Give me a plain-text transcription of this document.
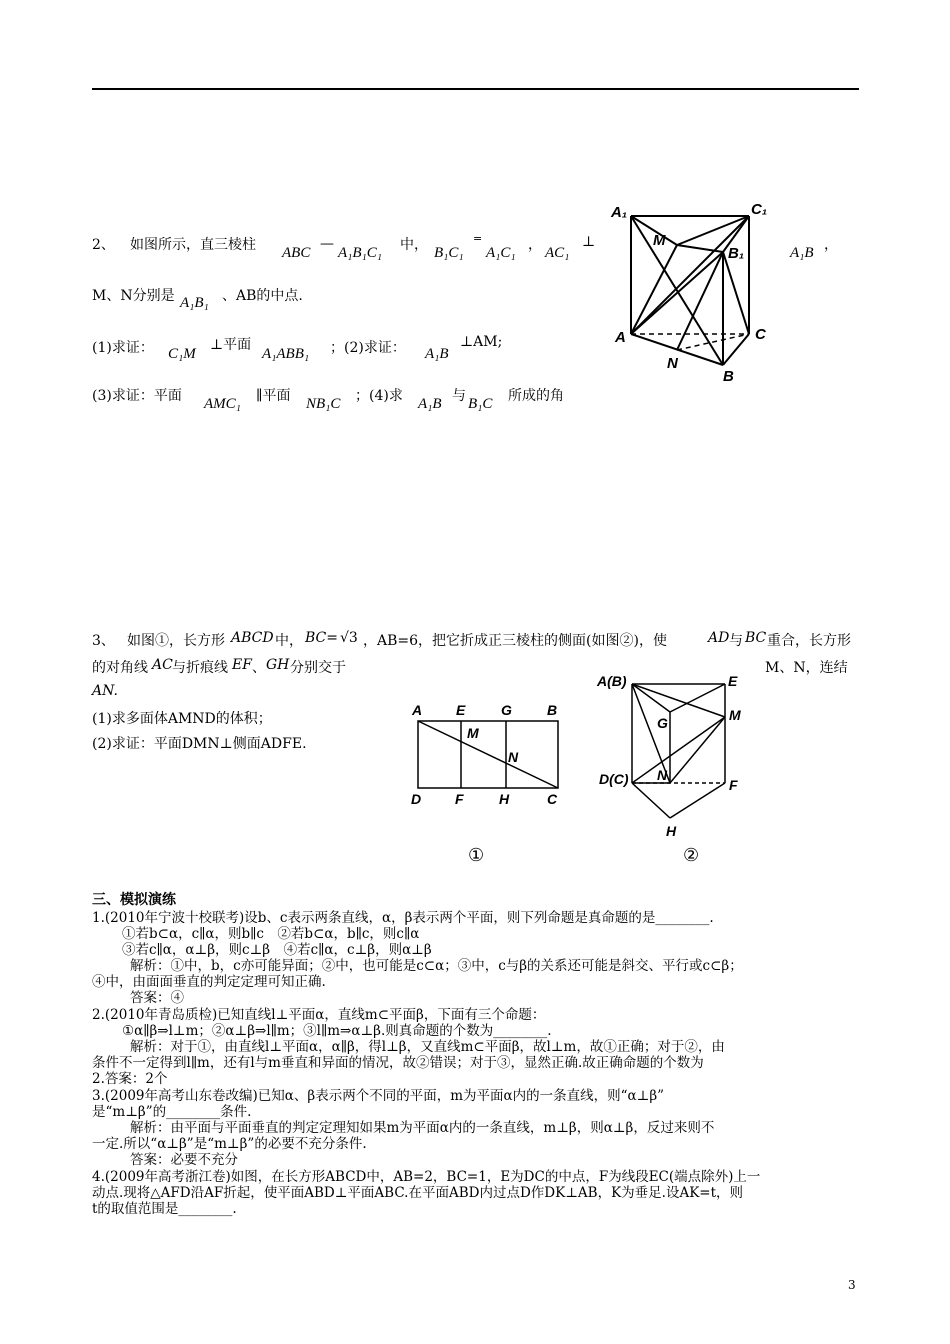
2、 如图所示，直三棱柱 ABC
—
A₁B₁C₁ 中， B₁C₁
=
A₁C₁ ， AC₁
⊥
A₁B ，
M、N分别是 A₁B₁ 、AB的中点.
(1)求证： C₁M
⊥平面
A₁ABB₁ ；(2)求证： A₁B
⊥AM;
(3)求证：平面 AMC₁ ∥平面 NB₁C ；(4)求 A₁B 与 B₁C 所成的角
A₁	C₁
M
B₁
A	C
N
B
3、 如图①，长方形 ABCD 中， BC= √3 ，AB=6，把它折成正三棱柱的侧面(如图②)，使	AD 与 BC 重合，长方形
的对角线 AC 与折痕线 EF 、 GH 分别交于	M、N，连结
AN.
(1)求多面体AMND的体积；
(2)求证：平面DMN⊥侧面ADFE.
A E	G	B
M
N
D F	H	C
A(B)	E
G	M
D(C) N
F
H
①	②
三、模拟演练
1.(2010年宁波十校联考)设b、c表示两条直线，α，β表示两个平面，则下列命题是真命题的是________.
①若b⊂α，c∥α，则b∥c　②若b⊂α，b∥c，则c∥α
③若c∥α，α⊥β，则c⊥β　④若c∥α，c⊥β，则α⊥β
解析：①中，b，c亦可能异面；②中，也可能是c⊂α；③中，c与β的关系还可能是斜交、平行或c⊂β；
④中，由面面垂直的判定定理可知正确.
答案：④
2.(2010年青岛质检)已知直线l⊥平面α，直线m⊂平面β，下面有三个命题：
①α∥β⇒l⊥m；②α⊥β⇒l∥m；③l∥m⇒α⊥β.则真命题的个数为________.
解析：对于①，由直线l⊥平面α，α∥β，得l⊥β，又直线m⊂平面β，故l⊥m，故①正确；对于②，由
条件不一定得到l∥m，还有l与m垂直和异面的情况，故②错误；对于③，显然正确.故正确命题的个数为
2.答案：2个
3.(2009年高考山东卷改编)已知α、β表示两个不同的平面，m为平面α内的一条直线，则“α⊥β”
是“m⊥β”的________条件.
解析：由平面与平面垂直的判定定理知如果m为平面α内的一条直线，m⊥β，则α⊥β，反过来则不
一定.所以“α⊥β”是“m⊥β”的必要不充分条件.
答案：必要不充分
4.(2009年高考浙江卷)如图，在长方形ABCD中，AB=2，BC=1，E为DC的中点，F为线段EC(端点除外)上一
动点.现将△AFD沿AF折起，使平面ABD⊥平面ABC.在平面ABD内过点D作DK⊥AB，K为垂足.设AK=t，则
t的取值范围是________.
3
